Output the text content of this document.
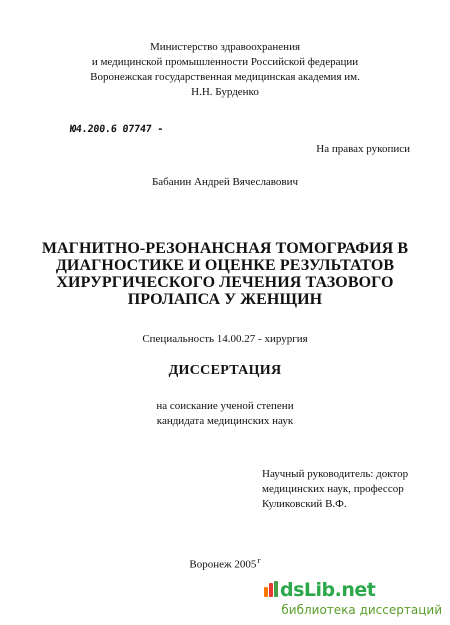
Министерство здравоохранения
и медицинской промышленности Российской федерации
Воронежская государственная медицинская академия им.
Н.Н. Бурденко
Ю4.200.6 07747 -
На правах рукописи
Бабанин Андрей Вячеславович
МАГНИТНО-РЕЗОНАНСНАЯ ТОМОГРАФИЯ В ДИАГНОСТИКЕ И ОЦЕНКЕ РЕЗУЛЬТАТОВ ХИРУРГИЧЕСКОГО ЛЕЧЕНИЯ ТАЗОВОГО ПРОЛАПСА У ЖЕНЩИН
Специальность 14.00.27 - хирургия
ДИССЕРТАЦИЯ
на соискание ученой степени
кандидата медицинских наук
Научный руководитель: доктор
медицинских наук, профессор
Куликовский В.Ф.
Воронеж $2005^г$
dsLib.net
библиотека диссертаций
